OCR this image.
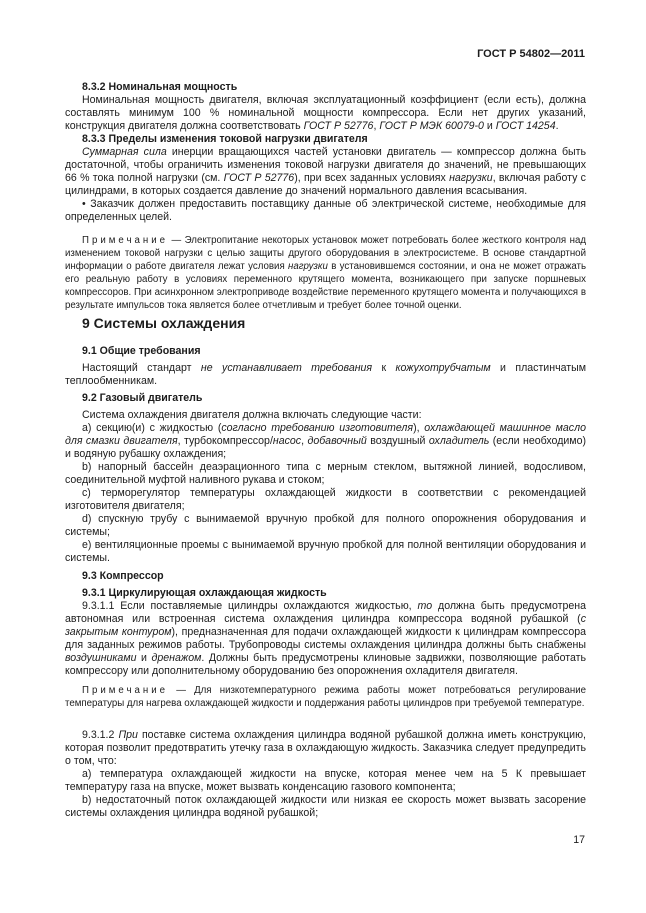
ГОСТ Р 54802—2011
8.3.2 Номинальная мощность
Номинальная мощность двигателя, включая эксплуатационный коэффициент (если есть), должна составлять минимум 100 % номинальной мощности компрессора. Если нет других указаний, конструкция двигателя должна соответствовать ГОСТ Р 52776, ГОСТ Р МЭК 60079-0 и ГОСТ 14254.
8.3.3 Пределы изменения токовой нагрузки двигателя
Суммарная сила инерции вращающихся частей установки двигатель — компрессор должна быть достаточной, чтобы ограничить изменения токовой нагрузки двигателя до значений, не превышающих 66 % тока полной нагрузки (см. ГОСТ Р 52776), при всех заданных условиях нагрузки, включая работу с цилиндрами, в которых создается давление до значений нормального давления всасывания.
• Заказчик должен предоставить поставщику данные об электрической системе, необходимые для определенных целей.
Примечание — Электропитание некоторых установок может потребовать более жесткого контроля над изменением токовой нагрузки с целью защиты другого оборудования в электросистеме. В основе стандартной информации о работе двигателя лежат условия нагрузки в установившемся состоянии, и она не может отражать его реальную работу в условиях переменного крутящего момента, возникающего при запуске поршневых компрессоров. При асинхронном электроприводе воздействие переменного крутящего момента и получающихся в результате импульсов тока является более отчетливым и требует более точной оценки.
9 Системы охлаждения
9.1 Общие требования
Настоящий стандарт не устанавливает требования к кожухотрубчатым и пластинчатым теплообменникам.
9.2 Газовый двигатель
Система охлаждения двигателя должна включать следующие части:
a) секцию(и) с жидкостью (согласно требованию изготовителя), охлаждающей машинное масло для смазки двигателя, турбокомпрессор/насос, добавочный воздушный охладитель (если необходимо) и водяную рубашку охлаждения;
b) напорный бассейн деаэрационного типа с мерным стеклом, вытяжной линией, водосливом, соединительной муфтой наливного рукава и стоком;
c) терморегулятор температуры охлаждающей жидкости в соответствии с рекомендацией изготовителя двигателя;
d) спускную трубу с вынимаемой вручную пробкой для полного опорожнения оборудования и системы;
e) вентиляционные проемы с вынимаемой вручную пробкой для полной вентиляции оборудования и системы.
9.3 Компрессор
9.3.1 Циркулирующая охлаждающая жидкость
9.3.1.1 Если поставляемые цилиндры охлаждаются жидкостью, то должна быть предусмотрена автономная или встроенная система охлаждения цилиндра компрессора водяной рубашкой (с закрытым контуром), предназначенная для подачи охлаждающей жидкости к цилиндрам компрессора для заданных режимов работы. Трубопроводы системы охлаждения цилиндра должны быть снабжены воздушниками и дренажом. Должны быть предусмотрены клиновые задвижки, позволяющие работать компрессору или дополнительному оборудованию без опорожнения охладителя двигателя.
Примечание — Для низкотемпературного режима работы может потребоваться регулирование температуры для нагрева охлаждающей жидкости и поддержания работы цилиндров при требуемой температуре.
9.3.1.2 При поставке система охлаждения цилиндра водяной рубашкой должна иметь конструкцию, которая позволит предотвратить утечку газа в охлаждающую жидкость. Заказчика следует предупредить о том, что:
a) температура охлаждающей жидкости на впуске, которая менее чем на 5 К превышает температуру газа на впуске, может вызвать конденсацию газового компонента;
b) недостаточный поток охлаждающей жидкости или низкая ее скорость может вызвать засорение системы охлаждения цилиндра водяной рубашкой;
17
